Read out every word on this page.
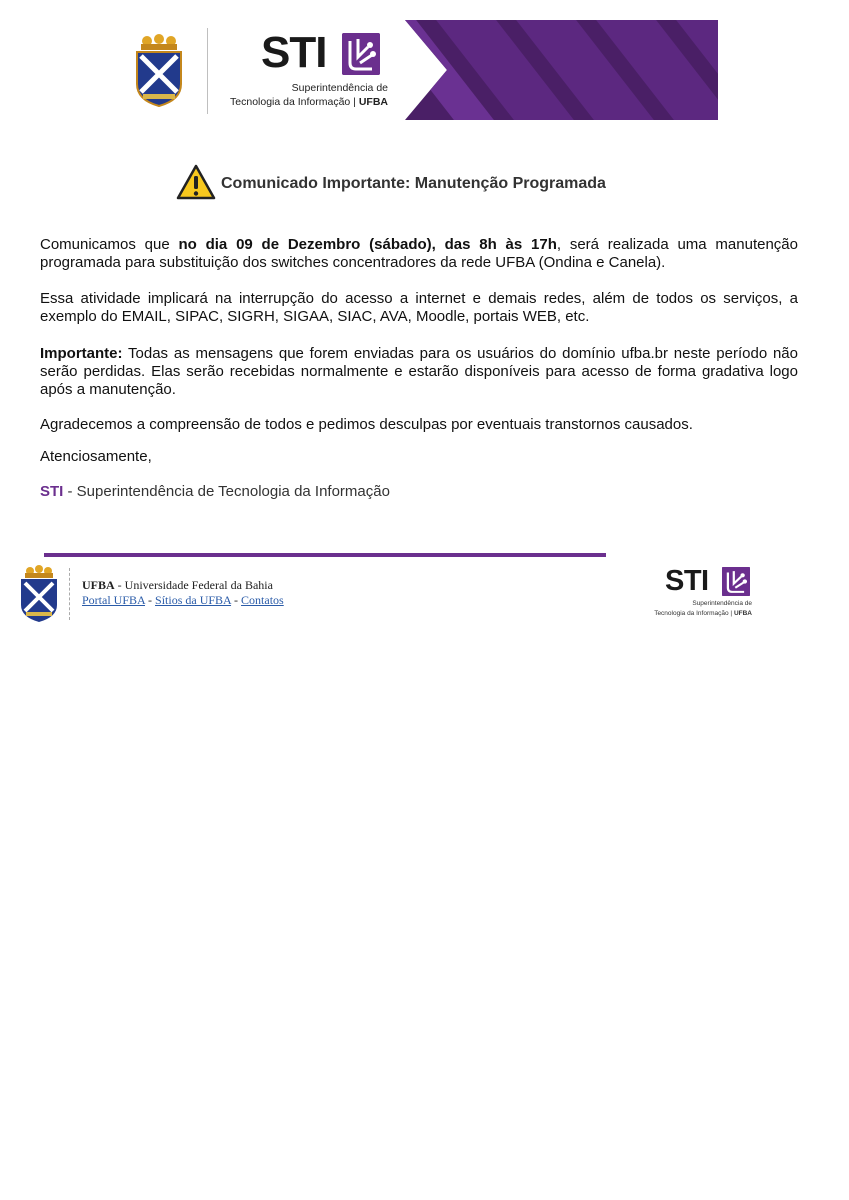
STI
Superintendência de
Tecnologia da Informação | UFBA
Comunicado Importante: Manutenção Programada

Comunicamos que no dia 09 de Dezembro (sábado), das 8h às 17h, será realizada uma manutenção programada para substituição dos switches concentradores da rede UFBA (Ondina e Canela).

Essa atividade implicará na interrupção do acesso a internet e demais redes, além de todos os serviços, a exemplo do EMAIL, SIPAC, SIGRH, SIGAA, SIAC, AVA, Moodle, portais WEB, etc.

Importante: Todas as mensagens que forem enviadas para os usuários do domínio ufba.br neste período não serão perdidas. Elas serão recebidas normalmente e estarão disponíveis para acesso de forma gradativa logo após a manutenção.

Agradecemos a compreensão de todos e pedimos desculpas por eventuais transtornos causados.

Atenciosamente,

STI - Superintendência de Tecnologia da Informação

UFBA - Universidade Federal da Bahia
Portal UFBA - Sítios da UFBA - Contatos
STI
Superintendência de
Tecnologia da Informação | UFBA
